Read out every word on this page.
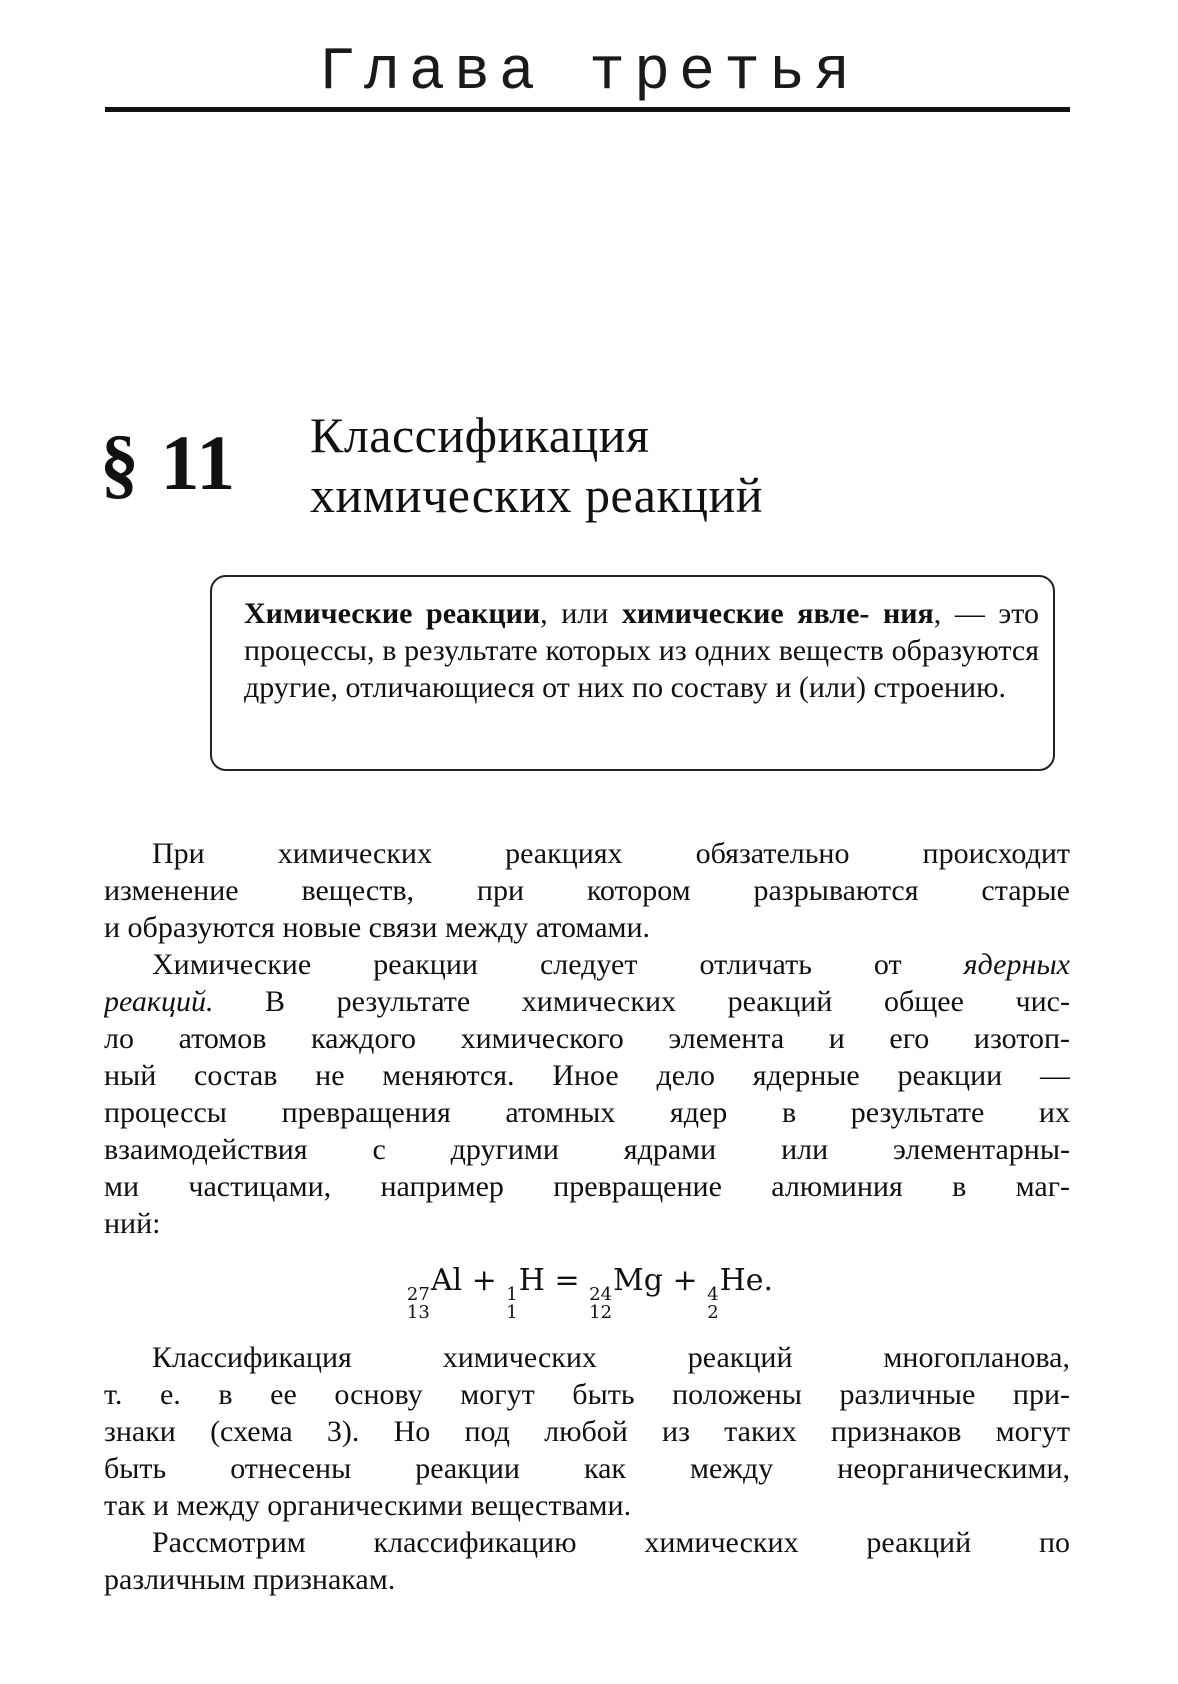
Глава третья
§ 11 Классификация
химических реакций
Химические реакции, или химические явле- ния, — это процессы, в результате которых из одних веществ образуются другие, отличающиеся от них по составу и (или) строению.
При химических реакциях обязательно происходит
изменение веществ, при котором разрываются старые
и образуются новые связи между атомами.
Химические реакции следует отличать от ядерных
реакций. В результате химических реакций общее чис-
ло атомов каждого химического элемента и его изотоп-
ный состав не меняются. Иное дело ядерные реакции —
процессы превращения атомных ядер в результате их
взаимодействия с другими ядрами или элементарны-
ми частицами, например превращение алюминия в маг-
ний:
27
13
Al + 1
1
H = 24
12
Mg + 4
2
He.
Классификация химических реакций многопланова,
т. е. в ее основу могут быть положены различные при-
знаки (схема 3). Но под любой из таких признаков могут
быть отнесены реакции как между неорганическими,
так и между органическими веществами.
Рассмотрим классификацию химических реакций по
различным признакам.
